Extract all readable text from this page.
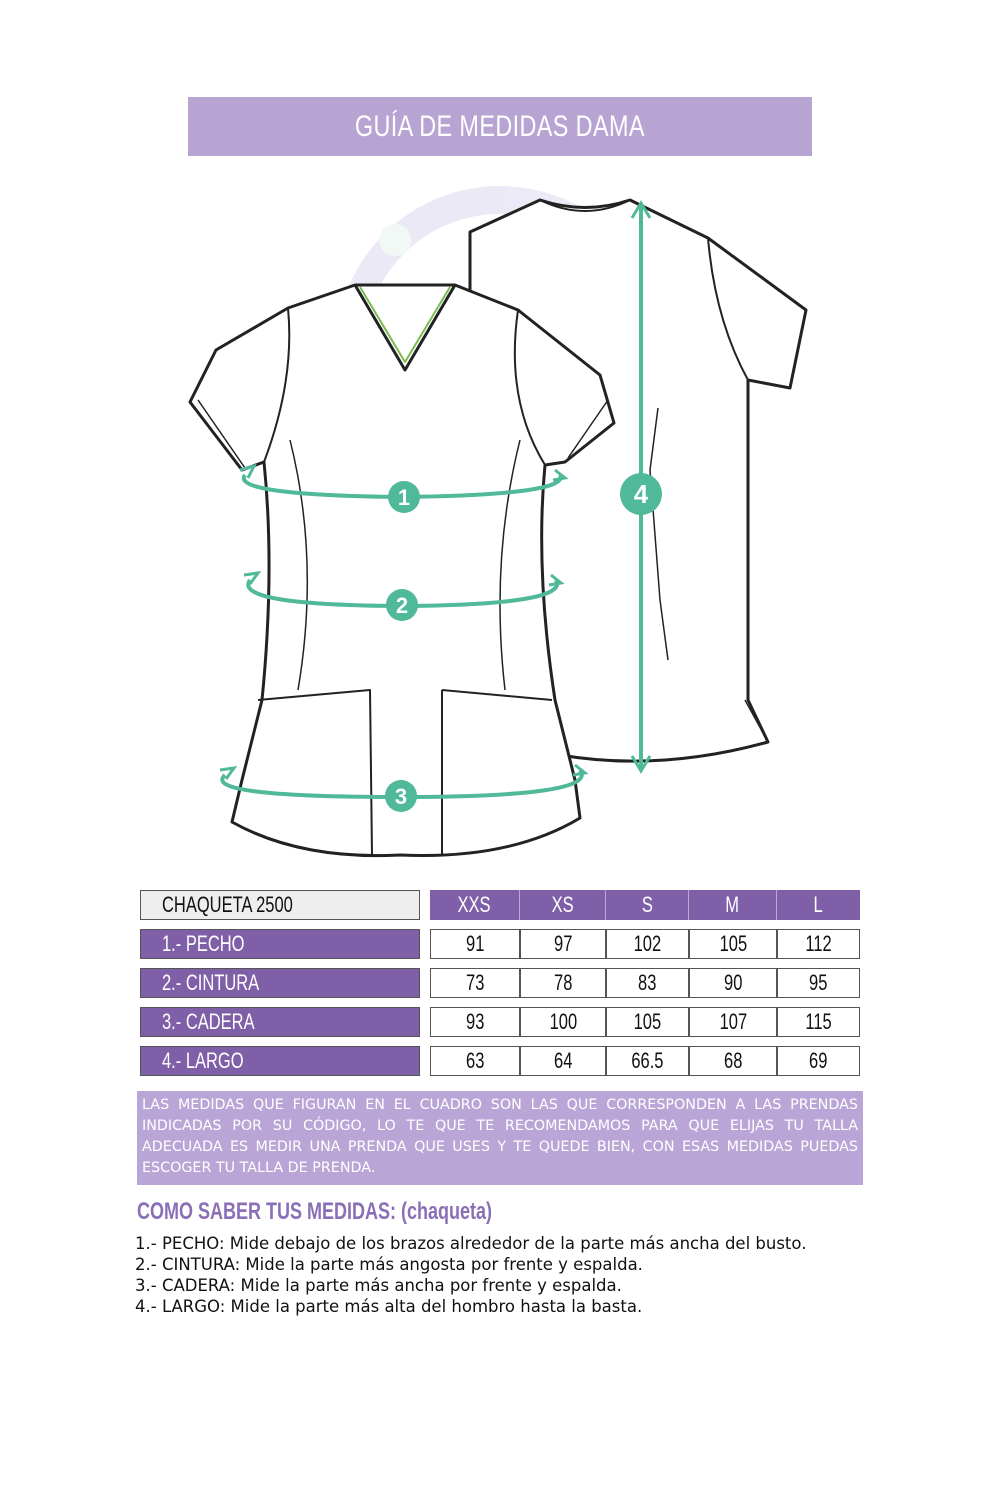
GUÍA DE MEDIDAS DAMA
1
2
3
4
CHAQUETA 2500	XXS	XS	S	M	L
1.- PECHO	91	97	102	105	112
2.- CINTURA	73	78	83	90	95
3.- CADERA	93	100	105	107	115
4.- LARGO	63	64	66.5	68	69
LAS MEDIDAS QUE FIGURAN EN EL CUADRO SON LAS QUE CORRESPONDEN A LAS PRENDAS INDICADAS POR SU CÓDIGO, LO TE QUE TE RECOMENDAMOS PARA QUE ELIJAS TU TALLA ADECUADA ES MEDIR UNA PRENDA QUE USES Y TE QUEDE BIEN, CON ESAS MEDIDAS PUEDAS ESCOGER TU TALLA DE PRENDA.
COMO SABER TUS MEDIDAS: (chaqueta)
1.- PECHO: Mide debajo de los brazos alrededor de la parte más ancha del busto.
2.- CINTURA: Mide la parte más angosta por frente y espalda.
3.- CADERA: Mide la parte más ancha por frente y espalda.
4.- LARGO: Mide la parte más alta del hombro hasta la basta.
